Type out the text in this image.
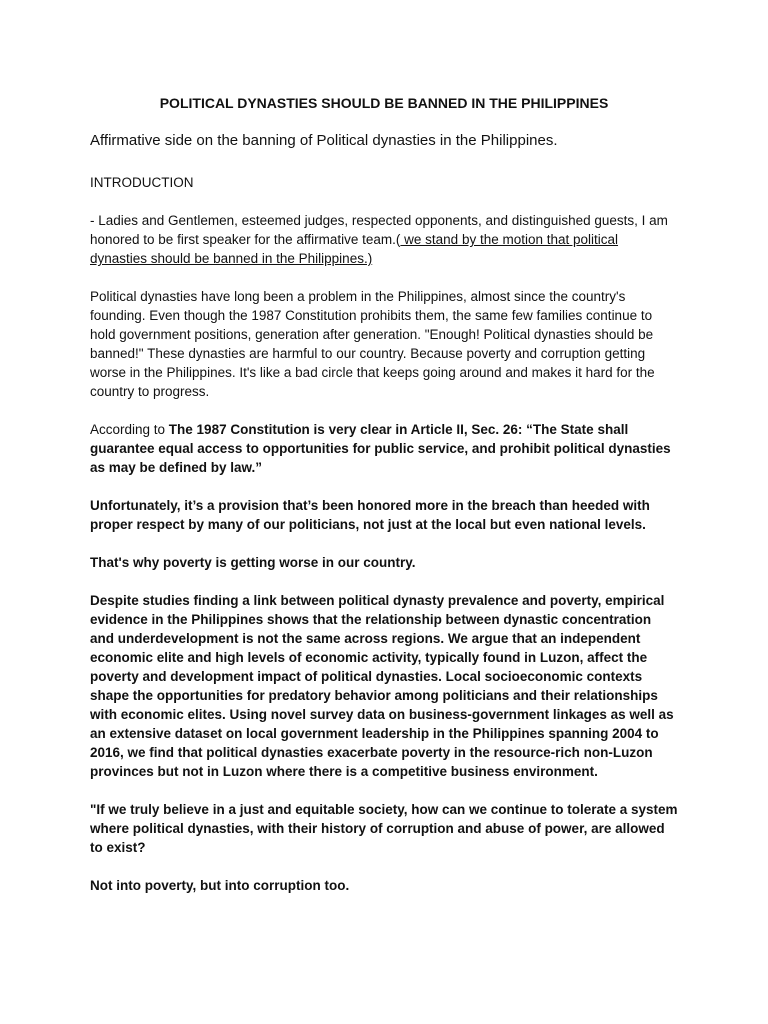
POLITICAL DYNASTIES SHOULD BE BANNED IN THE PHILIPPINES
Affirmative side on the banning of Political dynasties in the Philippines.

INTRODUCTION

- Ladies and Gentlemen, esteemed judges, respected opponents, and distinguished guests, I am honored to be first speaker for the affirmative team.( we stand by the motion that political dynasties should be banned in the Philippines.)

Political dynasties have long been a problem in the Philippines, almost since the country's founding. Even though the 1987 Constitution prohibits them, the same few families continue to hold government positions, generation after generation. "Enough! Political dynasties should be banned!" These dynasties are harmful to our country. Because poverty and corruption getting worse in the Philippines. It's like a bad circle that keeps going around and makes it hard for the country to progress.

According to The 1987 Constitution is very clear in Article II, Sec. 26: “The State shall guarantee equal access to opportunities for public service, and prohibit political dynasties as may be defined by law.”

Unfortunately, it’s a provision that’s been honored more in the breach than heeded with proper respect by many of our politicians, not just at the local but even national levels.

That's why poverty is getting worse in our country.

Despite studies finding a link between political dynasty prevalence and poverty, empirical evidence in the Philippines shows that the relationship between dynastic concentration and underdevelopment is not the same across regions. We argue that an independent economic elite and high levels of economic activity, typically found in Luzon, affect the poverty and development impact of political dynasties. Local socioeconomic contexts shape the opportunities for predatory behavior among politicians and their relationships with economic elites. Using novel survey data on business-government linkages as well as an extensive dataset on local government leadership in the Philippines spanning 2004 to 2016, we find that political dynasties exacerbate poverty in the resource-rich non-Luzon provinces but not in Luzon where there is a competitive business environment.

"If we truly believe in a just and equitable society, how can we continue to tolerate a system where political dynasties, with their history of corruption and abuse of power, are allowed to exist?

Not into poverty, but into corruption too.
